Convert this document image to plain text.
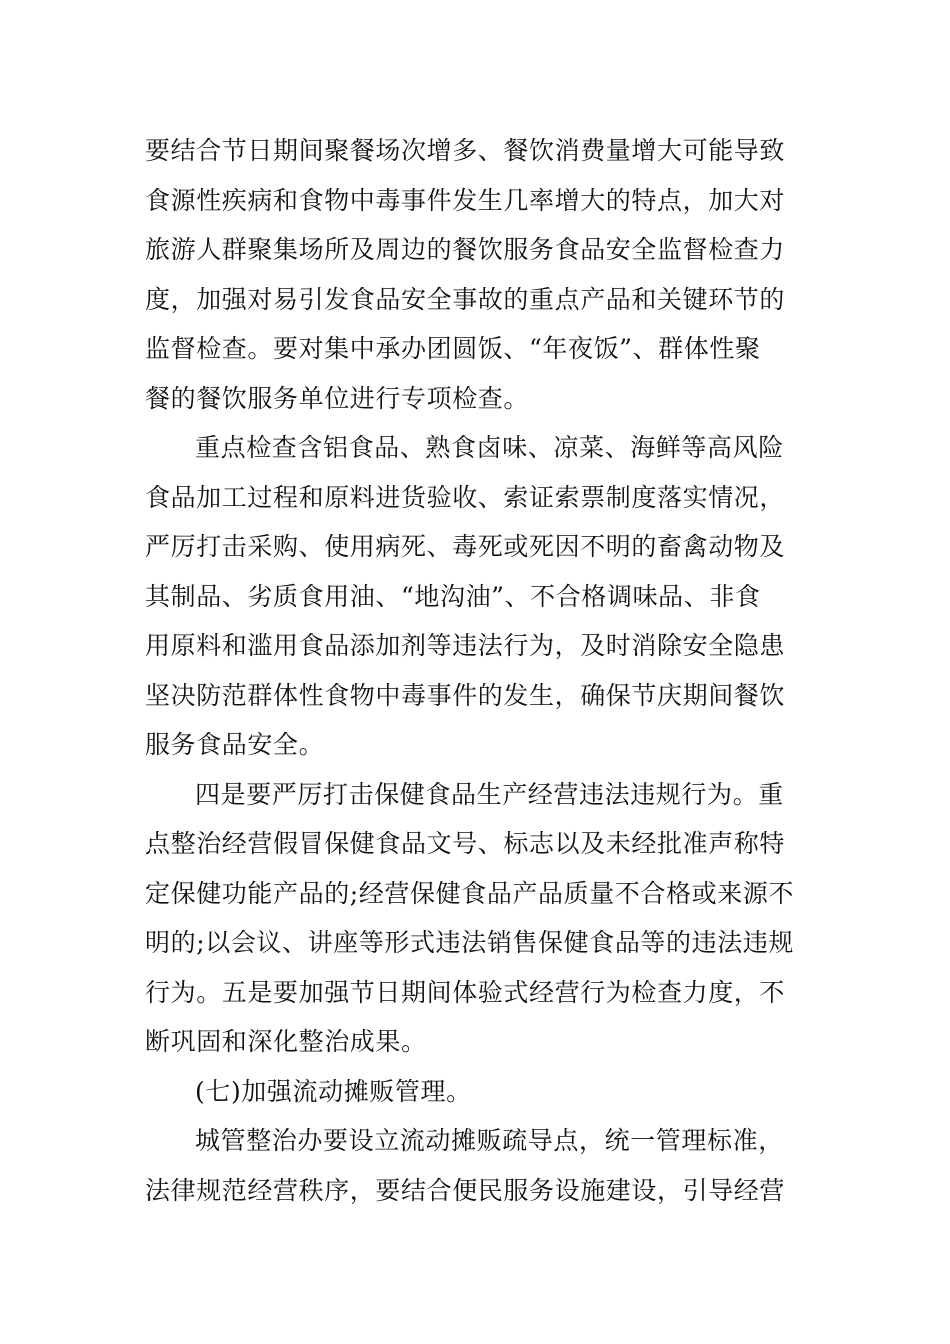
要结合节日期间聚餐场次增多、餐饮消费量增大可能导致
食源性疾病和食物中毒事件发生几率增大的特点，加大对
旅游人群聚集场所及周边的餐饮服务食品安全监督检查力
度，加强对易引发食品安全事故的重点产品和关键环节的
监督检查。要对集中承办团圆饭、“年夜饭”、群体性聚
餐的餐饮服务单位进行专项检查。

重点检查含铝食品、熟食卤味、凉菜、海鲜等高风险
食品加工过程和原料进货验收、索证索票制度落实情况，
严厉打击采购、使用病死、毒死或死因不明的畜禽动物及
其制品、劣质食用油、“地沟油”、不合格调味品、非食
用原料和滥用食品添加剂等违法行为，及时消除安全隐患
坚决防范群体性食物中毒事件的发生，确保节庆期间餐饮
服务食品安全。

四是要严厉打击保健食品生产经营违法违规行为。重
点整治经营假冒保健食品文号、标志以及未经批准声称特
定保健功能产品的;经营保健食品产品质量不合格或来源不
明的;以会议、讲座等形式违法销售保健食品等的违法违规
行为。五是要加强节日期间体验式经营行为检查力度，不
断巩固和深化整治成果。

(七)加强流动摊贩管理。

城管整治办要设立流动摊贩疏导点，统一管理标准，
法律规范经营秩序，要结合便民服务设施建设，引导经营
